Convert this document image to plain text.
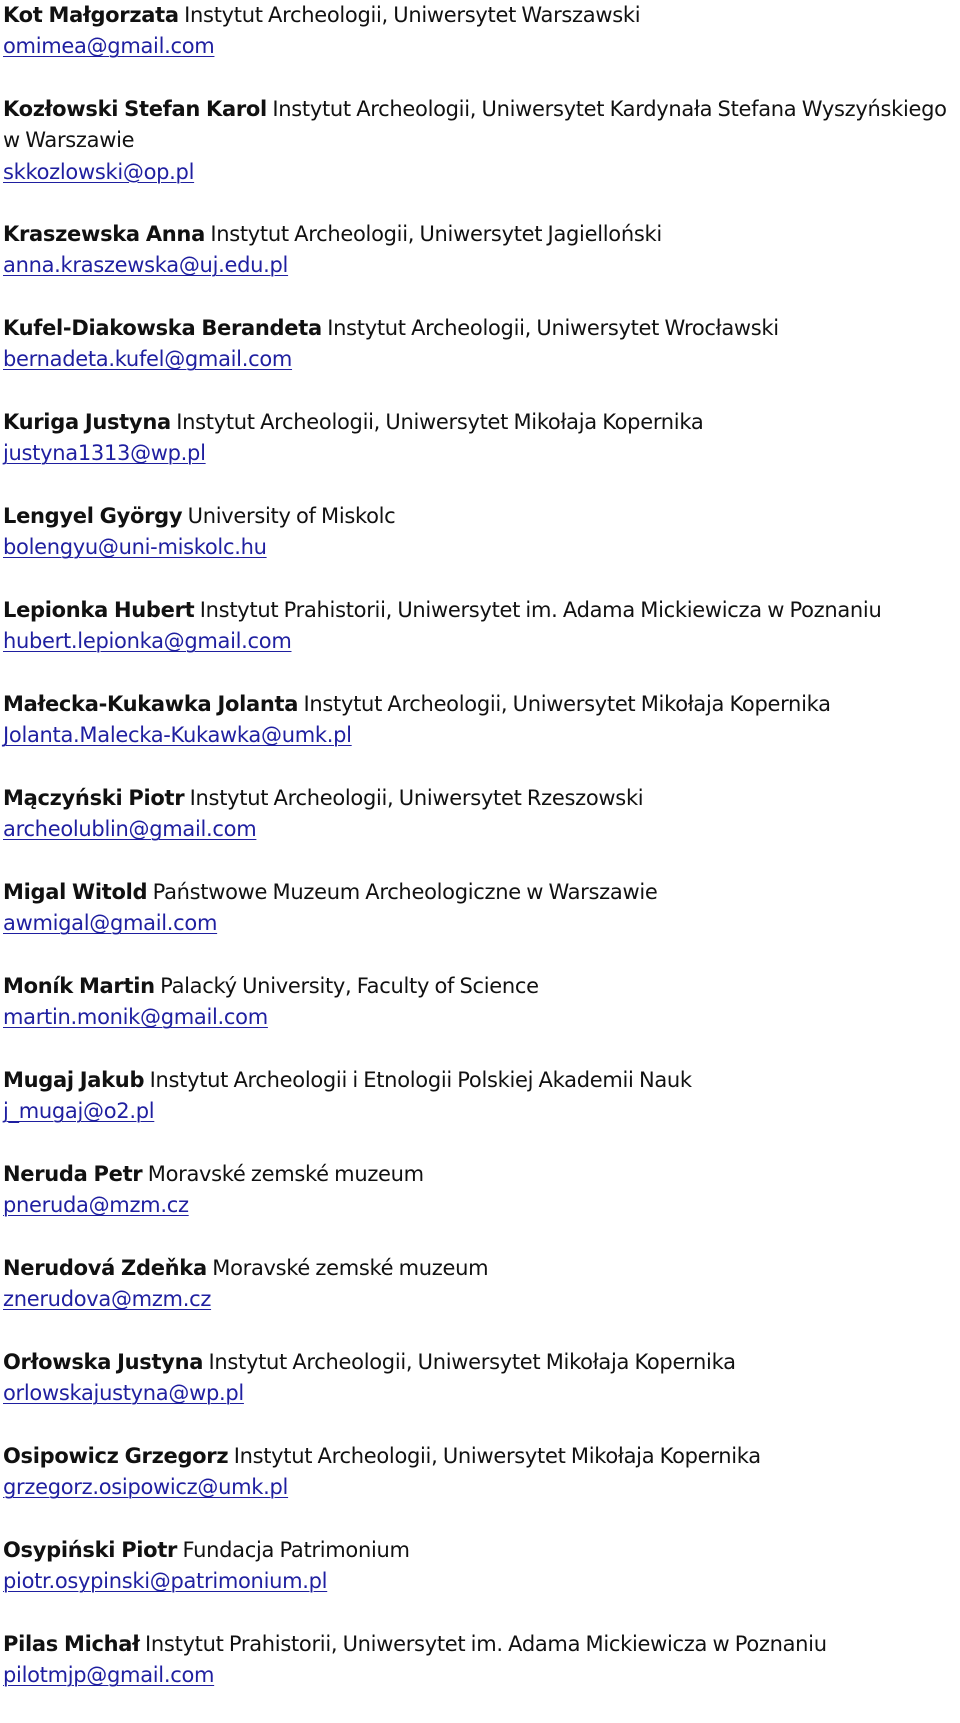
Kot Małgorzata Instytut Archeologii, Uniwersytet Warszawski
omimea@gmail.com
Kozłowski Stefan Karol Instytut Archeologii, Uniwersytet Kardynała Stefana Wyszyńskiego w Warszawie
skkozlowski@op.pl
Kraszewska Anna Instytut Archeologii, Uniwersytet Jagielloński
anna.kraszewska@uj.edu.pl
Kufel-Diakowska Berandeta Instytut Archeologii, Uniwersytet Wrocławski
bernadeta.kufel@gmail.com
Kuriga Justyna Instytut Archeologii, Uniwersytet Mikołaja Kopernika
justyna1313@wp.pl
Lengyel György University of Miskolc
bolengyu@uni-miskolc.hu
Lepionka Hubert Instytut Prahistorii, Uniwersytet im. Adama Mickiewicza w Poznaniu
hubert.lepionka@gmail.com
Małecka-Kukawka Jolanta Instytut Archeologii, Uniwersytet Mikołaja Kopernika
Jolanta.Malecka-Kukawka@umk.pl
Mączyński Piotr Instytut Archeologii, Uniwersytet Rzeszowski
archeolublin@gmail.com
Migal Witold Państwowe Muzeum Archeologiczne w Warszawie
awmigal@gmail.com
Moník Martin Palacký University, Faculty of Science
martin.monik@gmail.com
Mugaj Jakub Instytut Archeologii i Etnologii Polskiej Akademii Nauk
j_mugaj@o2.pl
Neruda Petr Moravské zemské muzeum
pneruda@mzm.cz
Nerudová Zdeňka Moravské zemské muzeum
znerudova@mzm.cz
Orłowska Justyna Instytut Archeologii, Uniwersytet Mikołaja Kopernika
orlowskajustyna@wp.pl
Osipowicz Grzegorz Instytut Archeologii, Uniwersytet Mikołaja Kopernika
grzegorz.osipowicz@umk.pl
Osypiński Piotr Fundacja Patrimonium
piotr.osypinski@patrimonium.pl
Pilas Michał Instytut Prahistorii, Uniwersytet im. Adama Mickiewicza w Poznaniu
pilotmjp@gmail.com
